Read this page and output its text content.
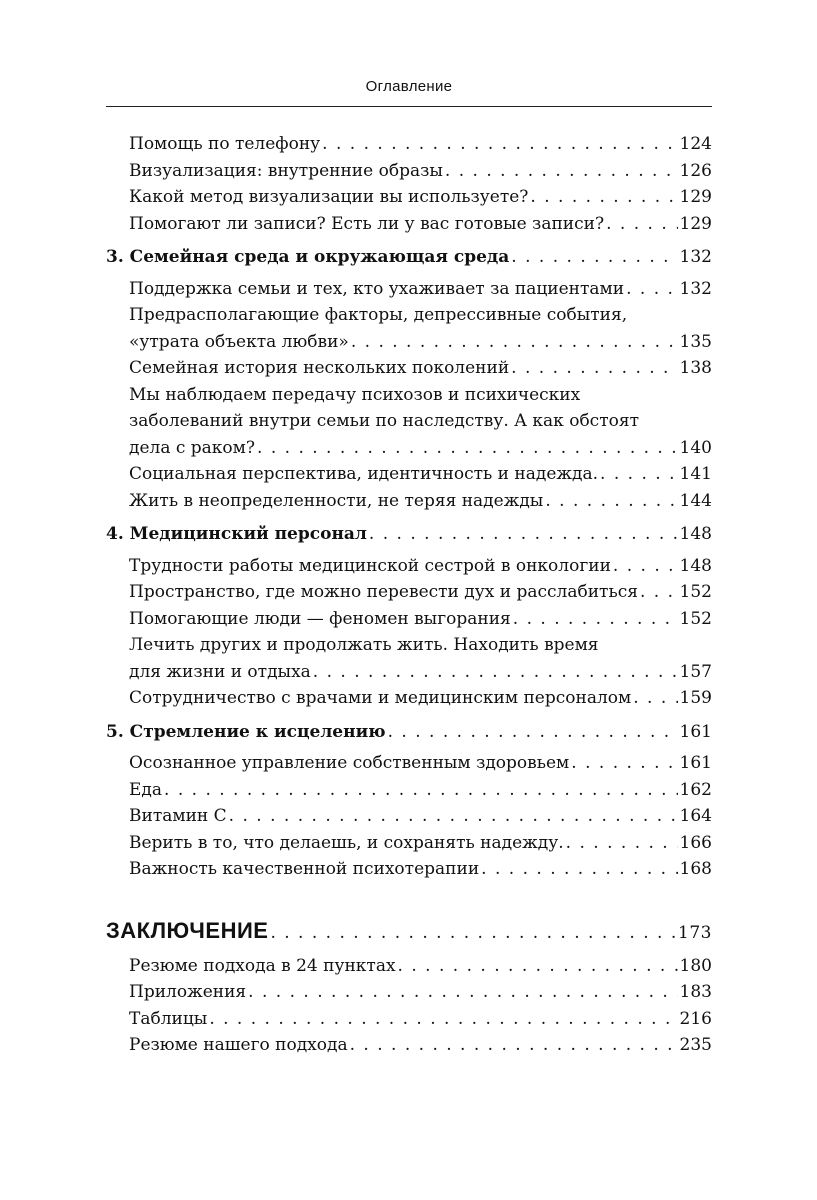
Оглавление
Помощь по телефону . . .	124
Визуализация: внутренние образы . . .	126
Какой метод визуализации вы используете? . . .	129
Помогают ли записи? Есть ли у вас готовые записи? . . .	129
3. Семейная среда и окружающая среда . . .	132
Поддержка семьи и тех, кто ухаживает за пациентами . . .	132
Предрасполагающие факторы, депрессивные события,
«утрата объекта любви» . . .	135
Семейная история нескольких поколений . . .	138
Мы наблюдаем передачу психозов и психических
заболеваний внутри семьи по наследству. А как обстоят
дела с раком? . . .	140
Социальная перспектива, идентичность и надежда. . . .	141
Жить в неопределенности, не теряя надежды . . .	144
4. Медицинский персонал . . .	148
Трудности работы медицинской сестрой в онкологии . . .	148
Пространство, где можно перевести дух и расслабиться . . . 152
Помогающие люди — феномен выгорания . . .	152
Лечить других и продолжать жить. Находить время
для жизни и отдыха . . .	157
Сотрудничество с врачами и медицинским персоналом . . .	159
5. Стремление к исцелению . . .	161
Осознанное управление собственным здоровьем . . .	161
Еда . . .	162
Витамин C . . .	164
Верить в то, что делаешь, и сохранять надежду. . . .	166
Важность качественной психотерапии . . .	168
ЗАКЛЮЧЕНИЕ . . .	173
Резюме подхода в 24 пунктах . . .	180
Приложения . . .	183
Таблицы . . .	216
Резюме нашего подхода . . .	235
